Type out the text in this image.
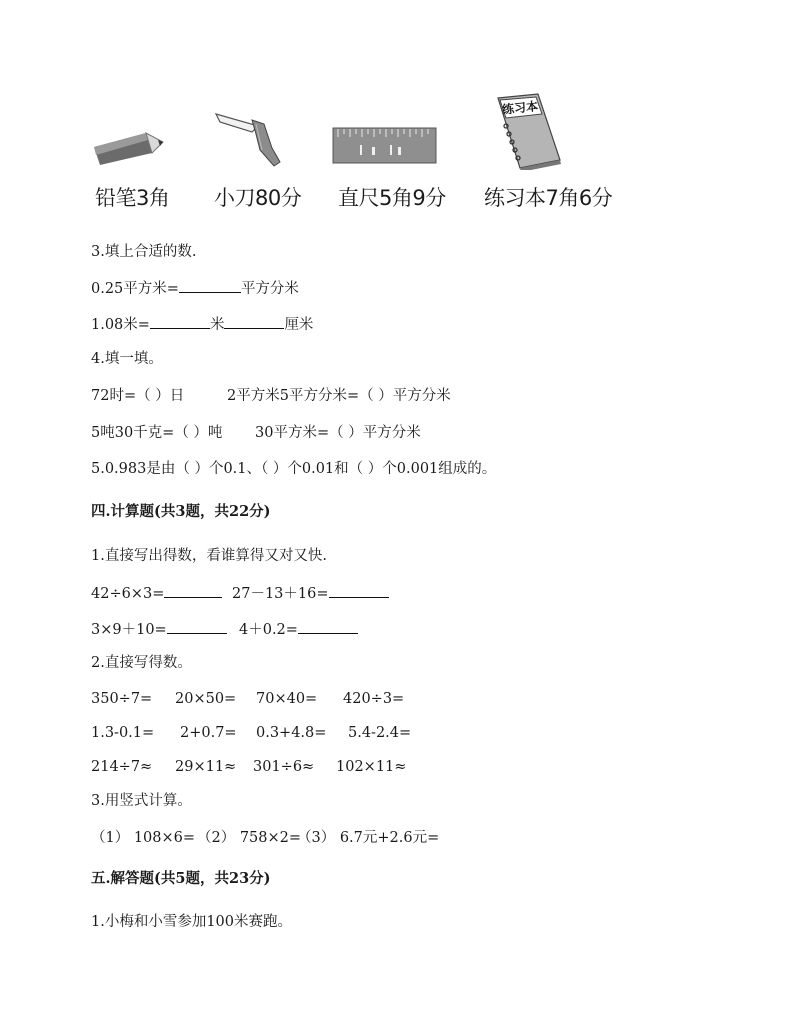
练习本
铅笔3角 小刀80分 直尺5角9分 练习本7角6分
3.填上合适的数.
0.25平方米=	平方分米
1.08米=	米	厘米
4.填一填。
72时=（ ）日	2平方米5平方分米=（ ）平方分米
5吨30千克=（ ）吨 30平方米=（ ）平方分米
5.0.983是由（ ）个0.1、（ ）个0.01和（ ）个0.001组成的。
四.计算题(共3题，共22分)
1.直接写出得数，看谁算得又对又快.
42÷6×3=	27－13＋16=
3×9＋10=	4＋0.2=
2.直接写得数。
350÷7= 20×50= 70×40= 420÷3=
1.3-0.1= 2+0.7= 0.3+4.8= 5.4-2.4=
214÷7≈ 29×11≈ 301÷6≈ 102×11≈
3.用竖式计算。
（1） 108×6= （2） 758×2=
（3） 6.7元+2.6元=
五.解答题(共5题，共23分)
1.小梅和小雪参加100米赛跑。
